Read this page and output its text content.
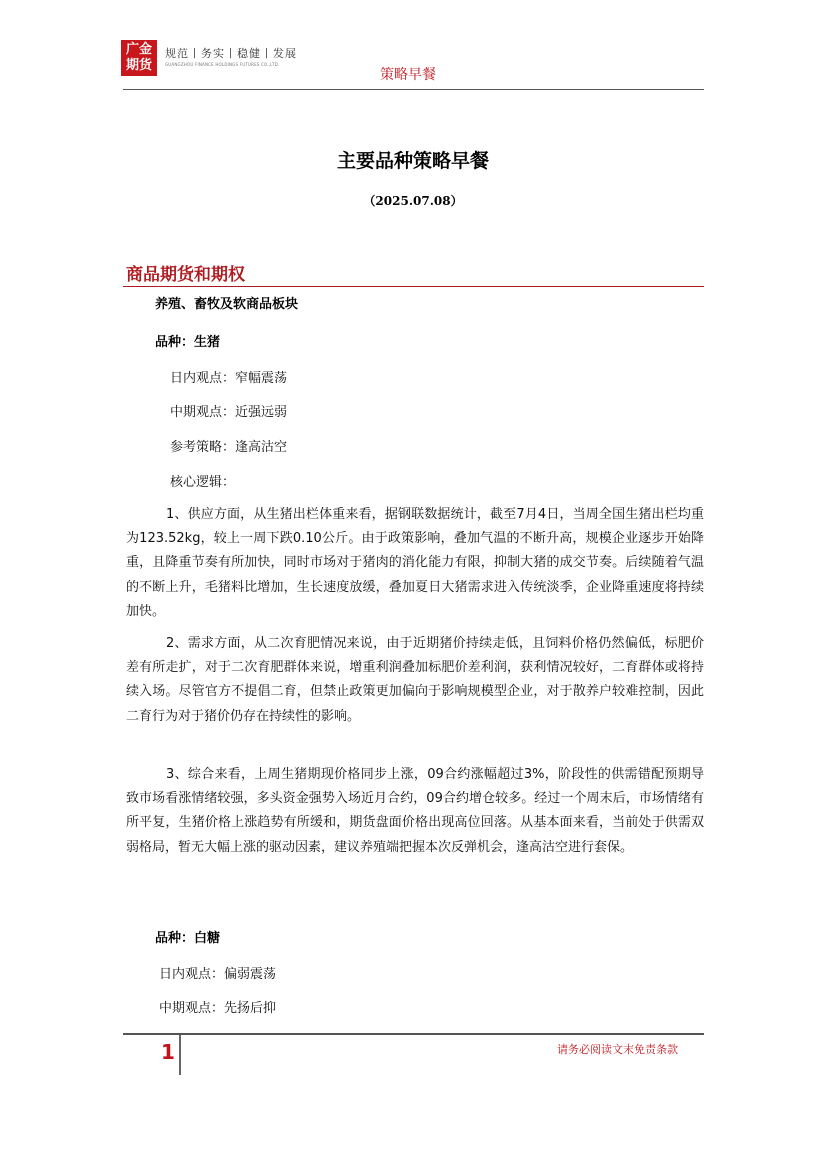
广金
期货
规范丨务实丨稳健丨发展
GUANGZHOU FINANCE HOLDINGS FUTURES CO.,LTD.
策略早餐
主要品种策略早餐
（2025.07.08）
商品期货和期权
养殖、畜牧及软商品板块
品种：生猪
日内观点：窄幅震荡
中期观点：近强远弱
参考策略：逢高沽空
核心逻辑：
1、供应方面，从生猪出栏体重来看，据钢联数据统计，截至7月4日，当周全国生猪出栏均重为123.52kg，较上一周下跌0.10公斤。由于政策影响，叠加气温的不断升高，规模企业逐步开始降重，且降重节奏有所加快，同时市场对于猪肉的消化能力有限，抑制大猪的成交节奏。后续随着气温的不断上升，毛猪料比增加，生长速度放缓，叠加夏日大猪需求进入传统淡季，企业降重速度将持续加快。
2、需求方面，从二次育肥情况来说，由于近期猪价持续走低，且饲料价格仍然偏低，标肥价差有所走扩，对于二次育肥群体来说，增重利润叠加标肥价差利润，获利情况较好，二育群体或将持续入场。尽管官方不提倡二育，但禁止政策更加偏向于影响规模型企业，对于散养户较难控制，因此二育行为对于猪价仍存在持续性的影响。
3、综合来看，上周生猪期现价格同步上涨，09合约涨幅超过3%，阶段性的供需错配预期导致市场看涨情绪较强，多头资金强势入场近月合约，09合约增仓较多。经过一个周末后，市场情绪有所平复，生猪价格上涨趋势有所缓和，期货盘面价格出现高位回落。从基本面来看，当前处于供需双弱格局，暂无大幅上涨的驱动因素，建议养殖端把握本次反弹机会，逢高沽空进行套保。
品种：白糖
日内观点：偏弱震荡
中期观点：先扬后抑
1	请务必阅读文末免责条款
